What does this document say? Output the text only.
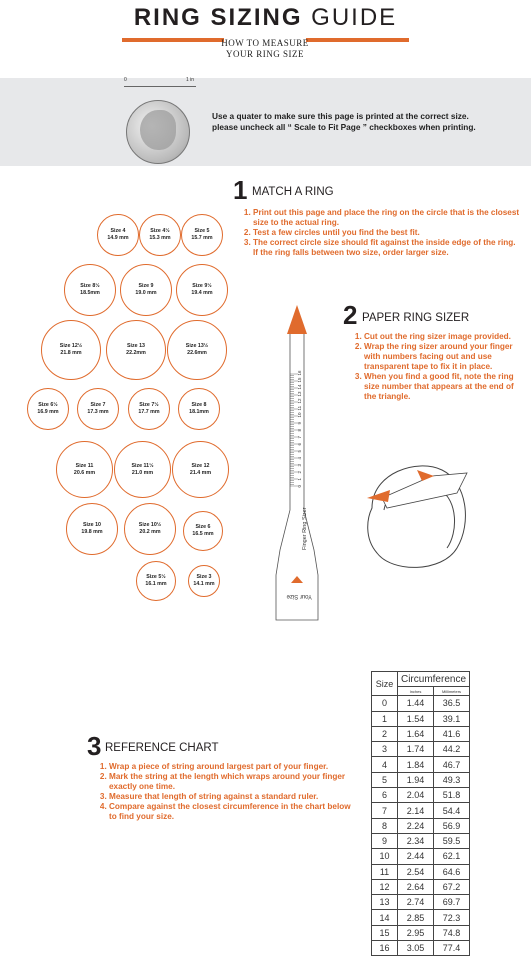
RING SIZING GUIDE
HOW TO MEASURE
YOUR RING SIZE
0	1 in
Use a quater to make sure this page is printed at the correct size.
please uncheck all “ Scale to Fit Page ” checkboxes when printing.
1 MATCH A RING
1. Print out this page and place the ring on the circle that is the closest size to the actual ring.
2. Test a few circles until you find the best fit.
3. The correct circle size should fit against the inside edge of the ring. If the ring falls between two size, order larger size.
Size 4
14.9 mm
Size 4½
15.3 mm
Size 5
15.7 mm
Size 8½
18.5mm
Size 9
19.0 mm
Size 9½
19.4 mm
Size 12½
21.8 mm
Size 13
22.2mm
Size 13½
22.6mm
Size 6½
16.9 mm
Size 7
17.3 mm
Size 7½
17.7 mm
Size 8
18.1mm
Size 11
20.6 mm
Size 11½
21.0 mm
Size 12
21.4 mm
Size 10
19.8 mm
Size 10½
20.2 mm
Size 6
16.5 mm
Size 5½
16.1 mm
Size 3
14.1 mm
2 PAPER RING SIZER
1. Cut out the ring sizer image provided.
2. Wrap the ring sizer around your finger with numbers facing out and use transparent tape to fix it in place.
3. When you find a good fit, note the ring size number that appears at the end of the triangle.
0
1
2
3
4
5
6
7
8
9
10
11
12
13
14
15
16
Finger Ring Sizer
Your Size
3 REFERENCE CHART
1. Wrap a piece of string around largest part of your finger.
2. Mark the string at the length which wraps around your finger exactly one time.
3. Measure that length of string against a standard ruler.
4. Compare against the closest circumference in the chart below to find your size.
Size	Circumference	
	Inches	Millimeters
0	1.44	36.5
1	1.54	39.1
2	1.64	41.6
3	1.74	44.2
4	1.84	46.7
5	1.94	49.3
6	2.04	51.8
7	2.14	54.4
8	2.24	56.9
9	2.34	59.5
10	2.44	62.1
11	2.54	64.6
12	2.64	67.2
13	2.74	69.7
14	2.85	72.3
15	2.95	74.8
16	3.05	77.4
